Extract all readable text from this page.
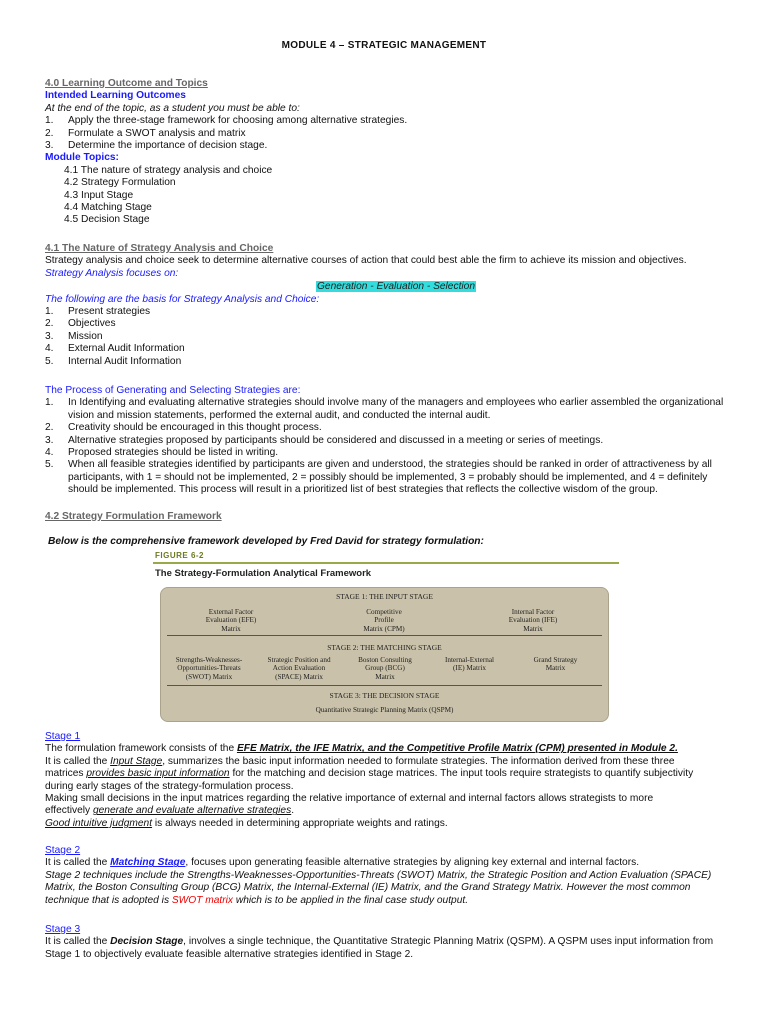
MODULE 4 – STRATEGIC MANAGEMENT
4.0 Learning Outcome and Topics
Intended Learning Outcomes
At the end of the topic, as a student you must be able to:
1. Apply the three-stage framework for choosing among alternative strategies.
2. Formulate a SWOT analysis and matrix
3. Determine the importance of decision stage.
Module Topics:
4.1 The nature of strategy analysis and choice
4.2 Strategy Formulation
4.3 Input Stage
4.4 Matching Stage
4.5 Decision Stage
4.1 The Nature of Strategy Analysis and Choice
Strategy analysis and choice seek to determine alternative courses of action that could best able the firm to achieve its mission and objectives.
Strategy Analysis focuses on:
Generation - Evaluation - Selection
The following are the basis for Strategy Analysis and Choice:
1. Present strategies
2. Objectives
3. Mission
4. External Audit Information
5. Internal Audit Information
The Process of Generating and Selecting Strategies are:
1. In Identifying and evaluating alternative strategies should involve many of the managers and employees who earlier assembled the organizational vision and mission statements, performed the external audit, and conducted the internal audit.
2. Creativity should be encouraged in this thought process.
3. Alternative strategies proposed by participants should be considered and discussed in a meeting or series of meetings.
4. Proposed strategies should be listed in writing.
5. When all feasible strategies identified by participants are given and understood, the strategies should be ranked in order of attractiveness by all participants, with 1 = should not be implemented, 2 = possibly should be implemented, 3 = probably should be implemented, and 4 = definitely should be implemented. This process will result in a prioritized list of best strategies that reflects the collective wisdom of the group.
4.2 Strategy Formulation Framework
Below is the comprehensive framework developed by Fred David for strategy formulation:
FIGURE 6-2
The Strategy-Formulation Analytical Framework
STAGE 1: THE INPUT STAGE
External Factor
Evaluation (EFE)
Matrix
Competitive
Profile
Matrix (CPM)
Internal Factor
Evaluation (IFE)
Matrix
STAGE 2: THE MATCHING STAGE
Strengths-Weaknesses-
Opportunities-Threats
(SWOT) Matrix
Strategic Position and
Action Evaluation
(SPACE) Matrix
Boston Consulting
Group (BCG)
Matrix
Internal-External
(IE) Matrix
Grand Strategy
Matrix
STAGE 3: THE DECISION STAGE
Quantitative Strategic Planning Matrix (QSPM)
Stage 1
The formulation framework consists of the EFE Matrix, the IFE Matrix, and the Competitive Profile Matrix (CPM) presented in Module 2.
It is called the Input Stage, summarizes the basic input information needed to formulate strategies. The information derived from these three
matrices provides basic input information for the matching and decision stage matrices. The input tools require strategists to quantify subjectivity
during early stages of the strategy-formulation process.
Making small decisions in the input matrices regarding the relative importance of external and internal factors allows strategists to more
effectively generate and evaluate alternative strategies.
Good intuitive judgment is always needed in determining appropriate weights and ratings.
Stage 2
It is called the Matching Stage, focuses upon generating feasible alternative strategies by aligning key external and internal factors.
Stage 2 techniques include the Strengths-Weaknesses-Opportunities-Threats (SWOT) Matrix, the Strategic Position and Action Evaluation (SPACE)
Matrix, the Boston Consulting Group (BCG) Matrix, the Internal-External (IE) Matrix, and the Grand Strategy Matrix. However the most common
technique that is adopted is SWOT matrix which is to be applied in the final case study output.
Stage 3
It is called the Decision Stage, involves a single technique, the Quantitative Strategic Planning Matrix (QSPM). A QSPM uses input information from
Stage 1 to objectively evaluate feasible alternative strategies identified in Stage 2.
